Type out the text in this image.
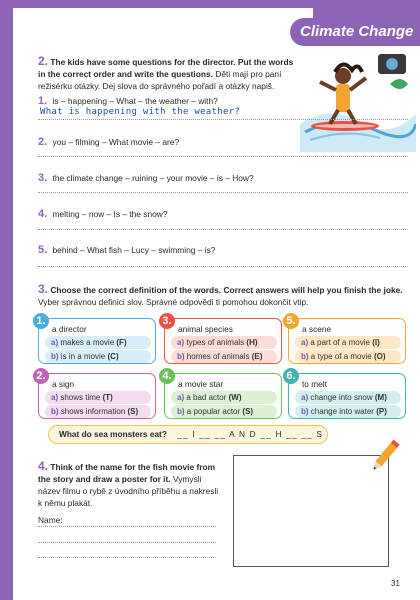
Climate Change
2. The kids have some questions for the director. Put the words in the correct order and write the questions. Děti mají pro paní režisérku otázky. Dej slova do správného pořadí a otázky napiš.
1. is – happening – What – the weather – with?
What is happening with the weather?
2. you – filming – What movie – are?
3. the climate change – ruining – your movie – is – How?
4. melting – now – Is – the snow?
5. behind – What fish – Lucy – swimming – is?
3. Choose the correct definition of the words. Correct answers will help you finish the joke. Vyber správnou definici slov. Správné odpovědi ti pomohou dokončit vtip.
1.
a director
a) makes a movie (F)
b) is in a movie (C)
3.
animal species
a) types of animals (H)
b) homes of animals (E)
5.
a scene
a) a part of a movie (I)
b) a type of a movie (O)
2.
a sign
a) shows time (T)
b) shows information (S)
4.
a movie star
a) a bad actor (W)
b) a popular actor (S)
6.
to melt
a) change into snow (M)
b) change into water (P)
What do sea monsters eat? __ I __ __ A N D __ H __ __ S
4. Think of the name for the fish movie from the story and draw a poster for it. Vymysli název filmu o rybě z úvodního příběhu a nakresli k němu plakát.
Name:
31
